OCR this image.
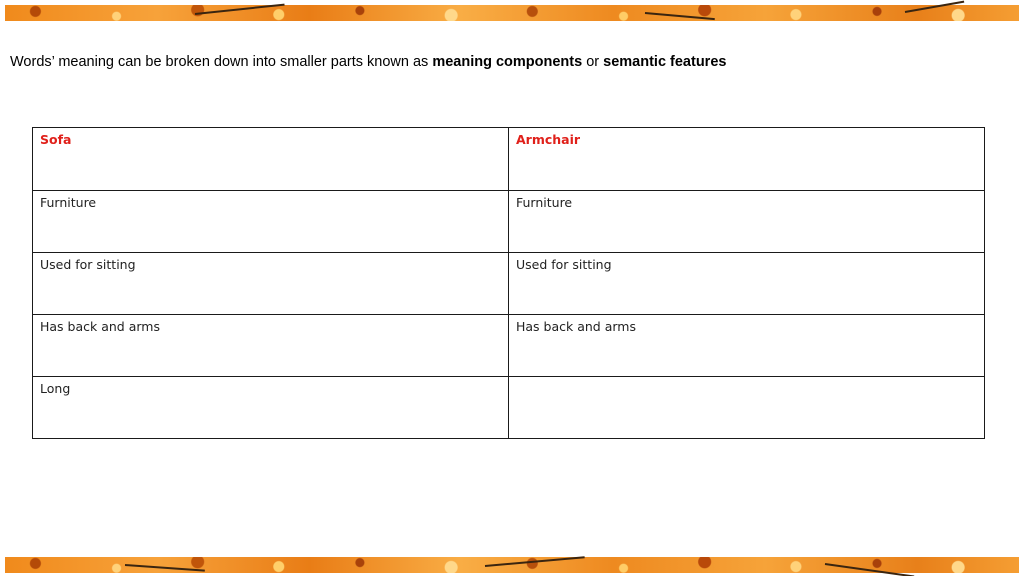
Words’ meaning can be broken down into smaller parts known as meaning components or semantic features
Sofa	Armchair
Furniture	Furniture
Used for sitting	Used for sitting
Has back and arms	Has back and arms
Long	
